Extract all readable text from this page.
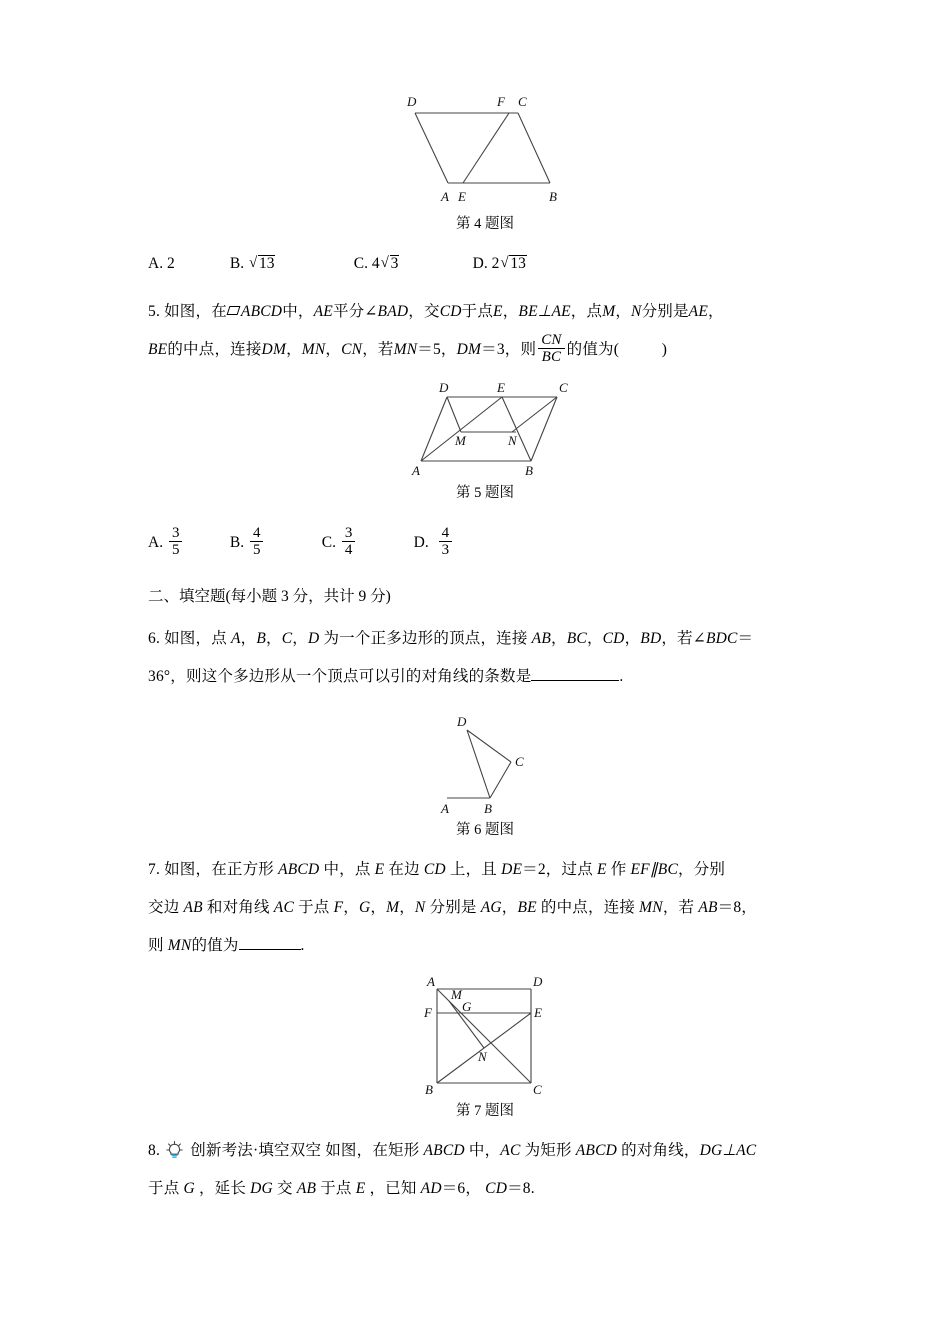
D	F C
A E	B
第 4 题图
A. 2	B. √ 13	C. 4 √ 3	D. 2 √ 13
5. 如图，在 ABCD中，AE平分∠BAD，交CD于点E，BE⊥AE，点M，N分别是AE，
BE的中点，连接DM，MN，CN，若MN＝5，DM＝3，则 $\frac{CN}{BC}$ 的值为(	)
D	E	C
M	N
A	B
第 5 题图
A. $\frac{3}{5}$	B. $\frac{4}{5}$	C. $\frac{3}{4}$	D. $\frac{4}{3}$
二、填空题(每小题 3 分，共计 9 分)
6. 如图，点 A，B，C，D 为一个正多边形的顶点，连接 AB，BC，CD，BD，若∠BDC＝
36°，则这个多边形从一个顶点可以引的对角线的条数是	.
D
C
A	B
第 6 题图
7. 如图，在正方形 ABCD 中，点 E 在边 CD 上，且 DE＝2，过点 E 作 EF∥BC，分别
交边 AB 和对角线 AC 于点 F，G，M，N 分别是 AG，BE 的中点，连接 MN，若 AB＝8，
则 MN的值为	.
A
M
G
D
F	E
N
B	C
第 7 题图
8. 创新考法·填空双空 如图，在矩形 ABCD 中，AC 为矩形 ABCD 的对角线，DG⊥AC
于点 G ，延长 DG 交 AB 于点 E ，已知 AD＝6， CD＝8.
